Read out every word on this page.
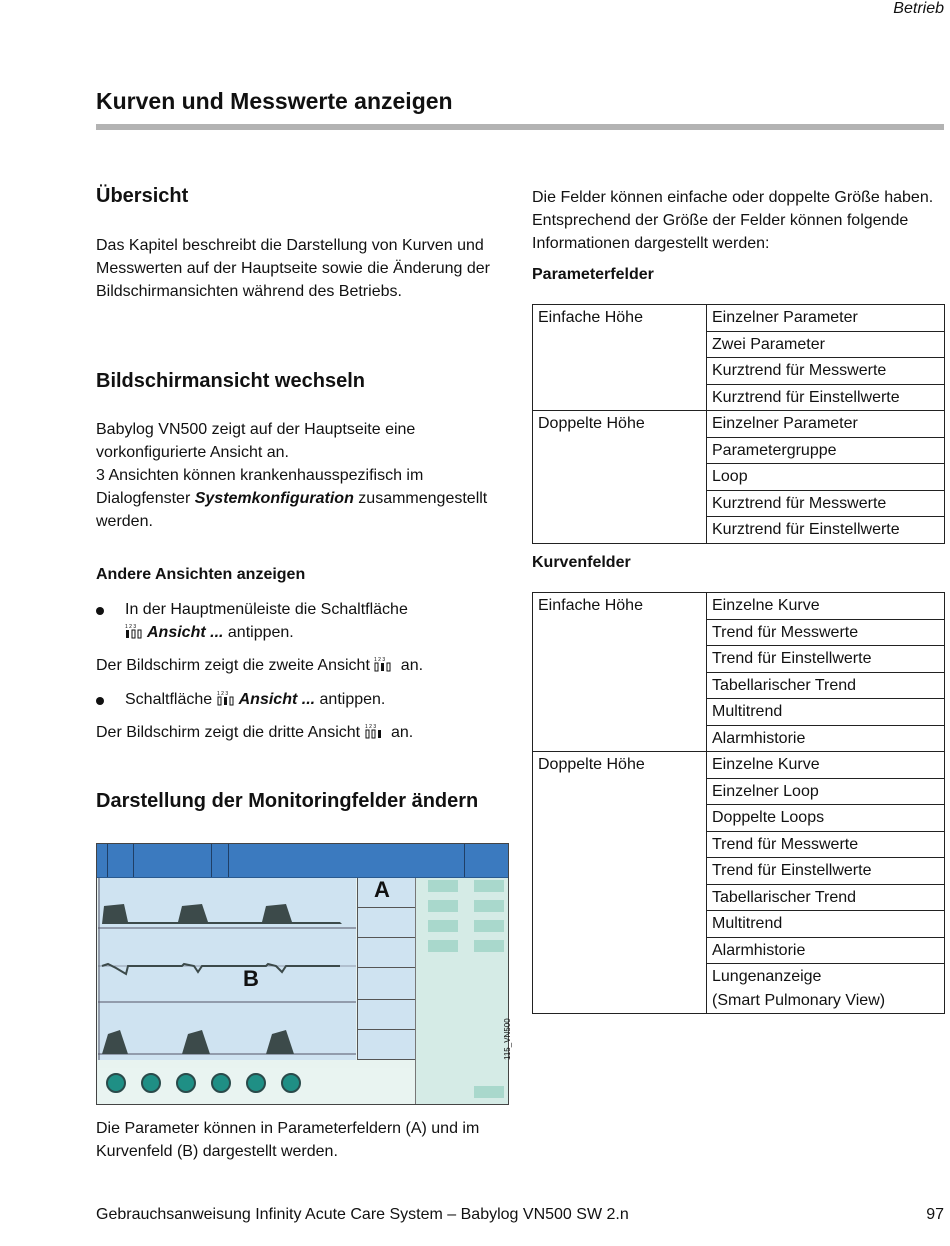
Betrieb
Kurven und Messwerte anzeigen
Übersicht

Das Kapitel beschreibt die Darstellung von Kurven und Messwerten auf der Hauptseite sowie die Änderung der Bildschirmansichten während des Betriebs.

Bildschirmansicht wechseln

Babylog VN500 zeigt auf der Hauptseite eine vorkonfigurierte Ansicht an.

3 Ansichten können krankenhausspezifisch im Dialogfenster Systemkonfiguration zusammengestellt werden.

Andere Ansichten anzeigen
In der Hauptmenüleiste die Schaltfläche

1 2 3 Ansicht ... antippen.

Der Bildschirm zeigt die zweite Ansicht 1 2 3 an.

Schaltfläche 1 2 3 Ansicht ... antippen.

Der Bildschirm zeigt die dritte Ansicht 1 2 3 an.

Darstellung der Monitoringfelder ändern
A
B
115_VN500

Die Parameter können in Parameterfeldern (A) und im Kurvenfeld (B) dargestellt werden.

Die Felder können einfache oder doppelte Größe haben. Entsprechend der Größe der Felder können folgende Informationen dargestellt werden:

Parameterfelder
Einfache Höhe	Einzelner Parameter
	Zwei Parameter
	Kurztrend für Messwerte
	Kurztrend für Einstellwerte
Doppelte Höhe	Einzelner Parameter
	Parametergruppe
	Loop
	Kurztrend für Messwerte
	Kurztrend für Einstellwerte
Kurvenfelder
Einfache Höhe	Einzelne Kurve
	Trend für Messwerte
	Trend für Einstellwerte
	Tabellarischer Trend
	Multitrend
	Alarmhistorie
Doppelte Höhe	Einzelne Kurve
	Einzelner Loop
	Doppelte Loops
	Trend für Messwerte
	Trend für Einstellwerte
	Tabellarischer Trend
	Multitrend
	Alarmhistorie
	Lungenanzeige
(Smart Pulmonary View)
Gebrauchsanweisung Infinity Acute Care System – Babylog VN500 SW 2.n	97
